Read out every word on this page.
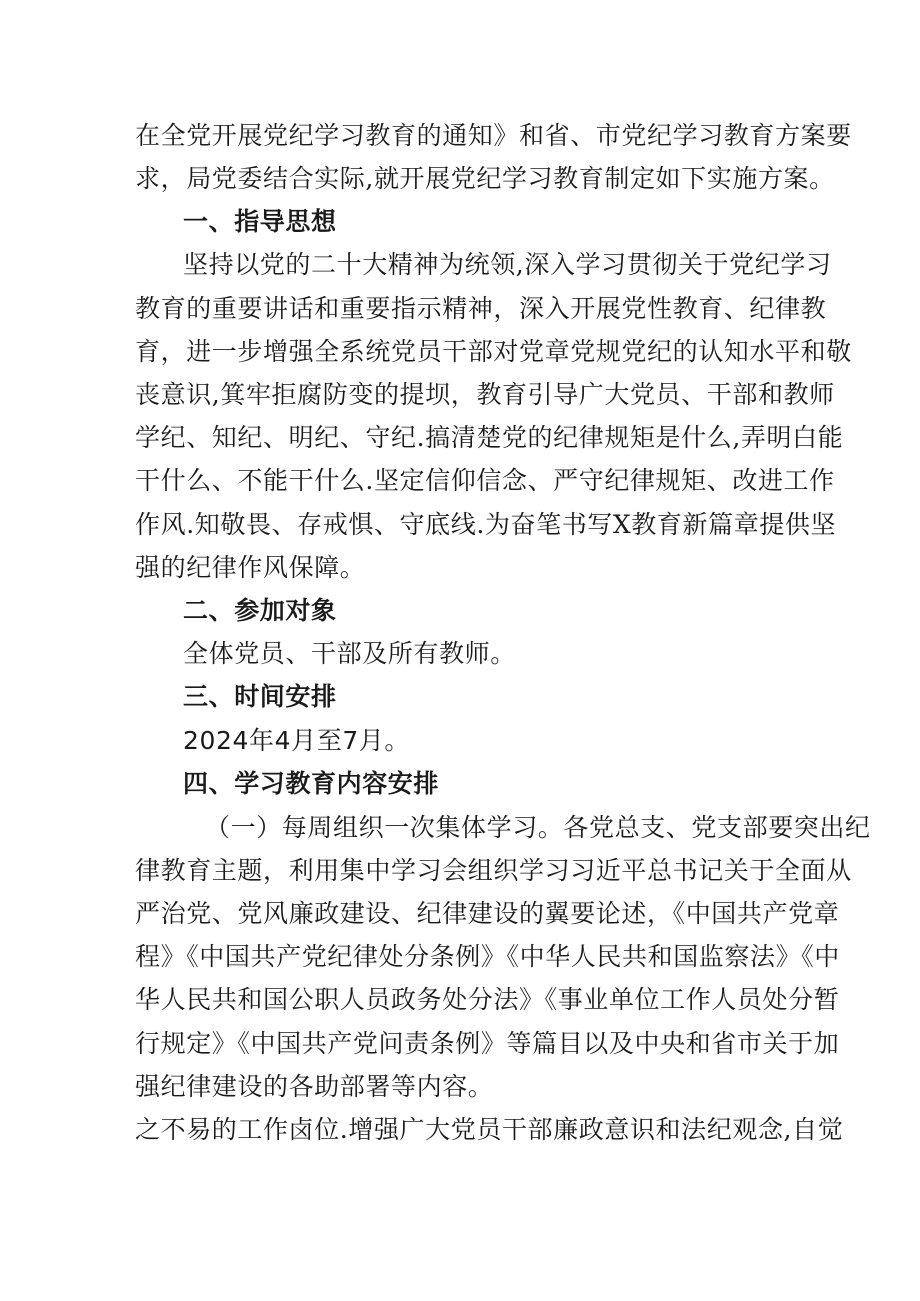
在全党开展党纪学习教育的通知》和省、市党纪学习教育方案要
求，局党委结合实际,就开展党纪学习教育制定如下实施方案。
一、指导思想
坚持以党的二十大精神为统领,深入学习贯彻关于党纪学习
教育的重要讲话和重要指示精神，深入开展党性教育、纪律教
育，进一步增强全系统党员干部对党章党规党纪的认知水平和敬
丧意识,箕牢拒腐防变的提坝，教育引导广大党员、干部和教师
学纪、知纪、明纪、守纪.搞清楚党的纪律规矩是什么,弄明白能
干什么、不能干什么.坚定信仰信念、严守纪律规矩、改进工作
作风.知敬畏、存戒惧、守底线.为奋笔书写X教育新篇章提供坚
强的纪律作风保障。
二、参加对象
全体党员、干部及所有教师。
三、时间安排
2024年4月至7月。
四、学习教育内容安排
（一）每周组织一次集体学习。各党总支、党支部要突出纪
律教育主题，利用集中学习会组织学习习近平总书记关于全面从
严治党、党风廉政建设、纪律建设的翼要论述，《中国共产党章
程》《中国共产党纪律处分条例》《中华人民共和国监察法》《中
华人民共和国公职人员政务处分法》《事业单位工作人员处分暂
行规定》《中国共产党问责条例》等篇目以及中央和省市关于加
强纪律建设的各助部署等内容。
之不易的工作卤位.增强广大党员干部廉政意识和法纪观念,自觉
